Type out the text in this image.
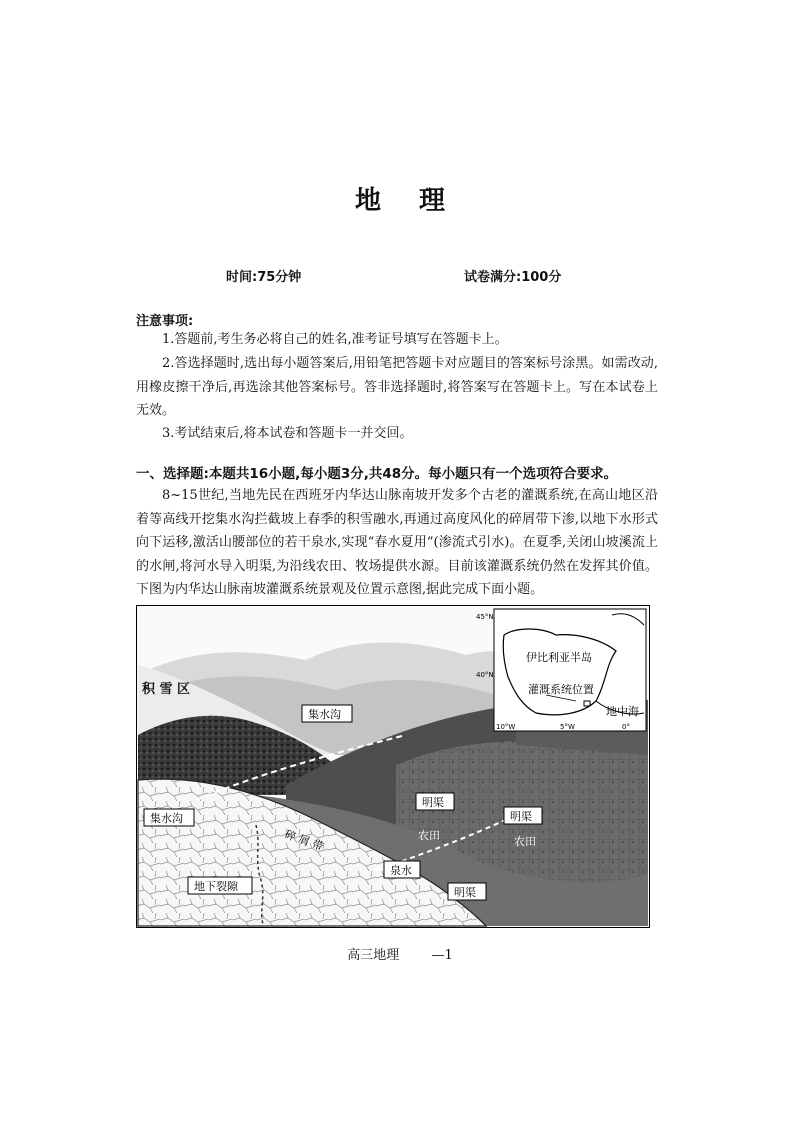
地理
时间:75分钟	试卷满分:100分
注意事项:

1.答题前,考生务必将自己的姓名,准考证号填写在答题卡上。

2.答选择题时,选出每小题答案后,用铅笔把答题卡对应题目的答案标号涂黑。如需改动,用橡皮擦干净后,再选涂其他答案标号。答非选择题时,将答案写在答题卡上。写在本试卷上无效。

3.考试结束后,将本试卷和答题卡一并交回。

一、选择题:本题共16小题,每小题3分,共48分。每小题只有一个选项符合要求。

8~15世纪,当地先民在西班牙内华达山脉南坡开发多个古老的灌溉系统,在高山地区沿着等高线开挖集水沟拦截坡上春季的积雪融水,再通过高度风化的碎屑带下渗,以地下水形式向下运移,激活山腰部位的若干泉水,实现“春水夏用”(渗流式引水)。在夏季,关闭山坡溪流上的水闸,将河水导入明渠,为沿线农田、牧场提供水源。目前该灌溉系统仍然在发挥其价值。下图为内华达山脉南坡灌溉系统景观及位置示意图,据此完成下面小题。

45°N
40°N
10°W	5°W	0°
伊比利亚半岛
灌溉系统位置
地中海
积 雪 区
集水沟
集水沟
碎 屑 带
明渠
明渠
农田	农田
泉水
明渠
地下裂隙
高三地理 —1
